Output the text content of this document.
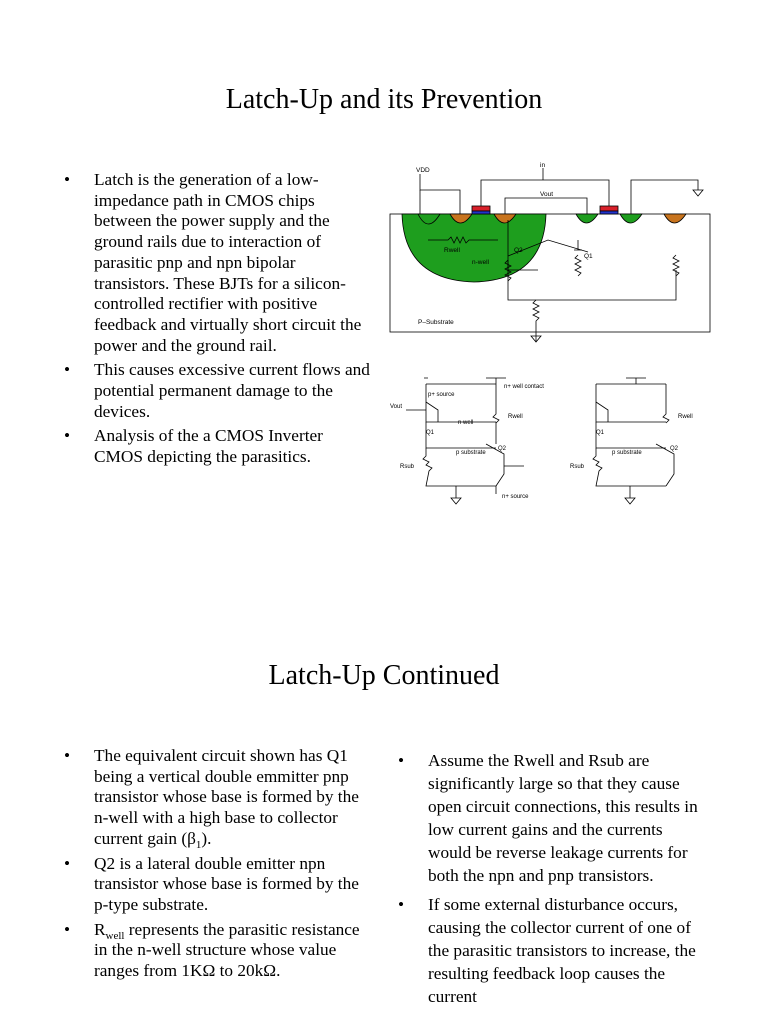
Latch-Up and its Prevention
• Latch is the generation of a low-impedance path in CMOS chips between the power supply and the ground rails due to interaction of parasitic pnp and npn bipolar transistors. These BJTs for a silicon-controlled rectifier with positive feedback and virtually short circuit the power and the ground rail.
• This causes excessive current flows and potential permanent damage to the devices.
• Analysis of the a CMOS Inverter CMOS depicting the parasitics.
VDD
in
Vout
Q2
Q1
Rwell
n-well
P–Substrate
p+ source
n+ well contact
Vout
Q1
n well
Rwell
p substrate
Q2
Rsub
n+ source
Q1
Q2
Rwell
Rsub
p substrate
Latch-Up Continued
• The equivalent circuit shown has Q1 being a vertical double emmitter pnp transistor whose base is formed by the n-well with a high base to collector current gain $(\beta_1)$.
• Q2 is a lateral double emitter npn transistor whose base is formed by the p-type substrate.
• $R_{well}$ represents the parasitic resistance in the n-well structure whose value ranges from 1KΩ to 20kΩ.
• Assume the Rwell and Rsub are significantly large so that they cause open circuit connections, this results in low current gains and the currents would be reverse leakage currents for both the npn and pnp transistors.
• If some external disturbance occurs, causing the collector current of one of the parasitic transistors to increase, the resulting feedback loop causes the current
